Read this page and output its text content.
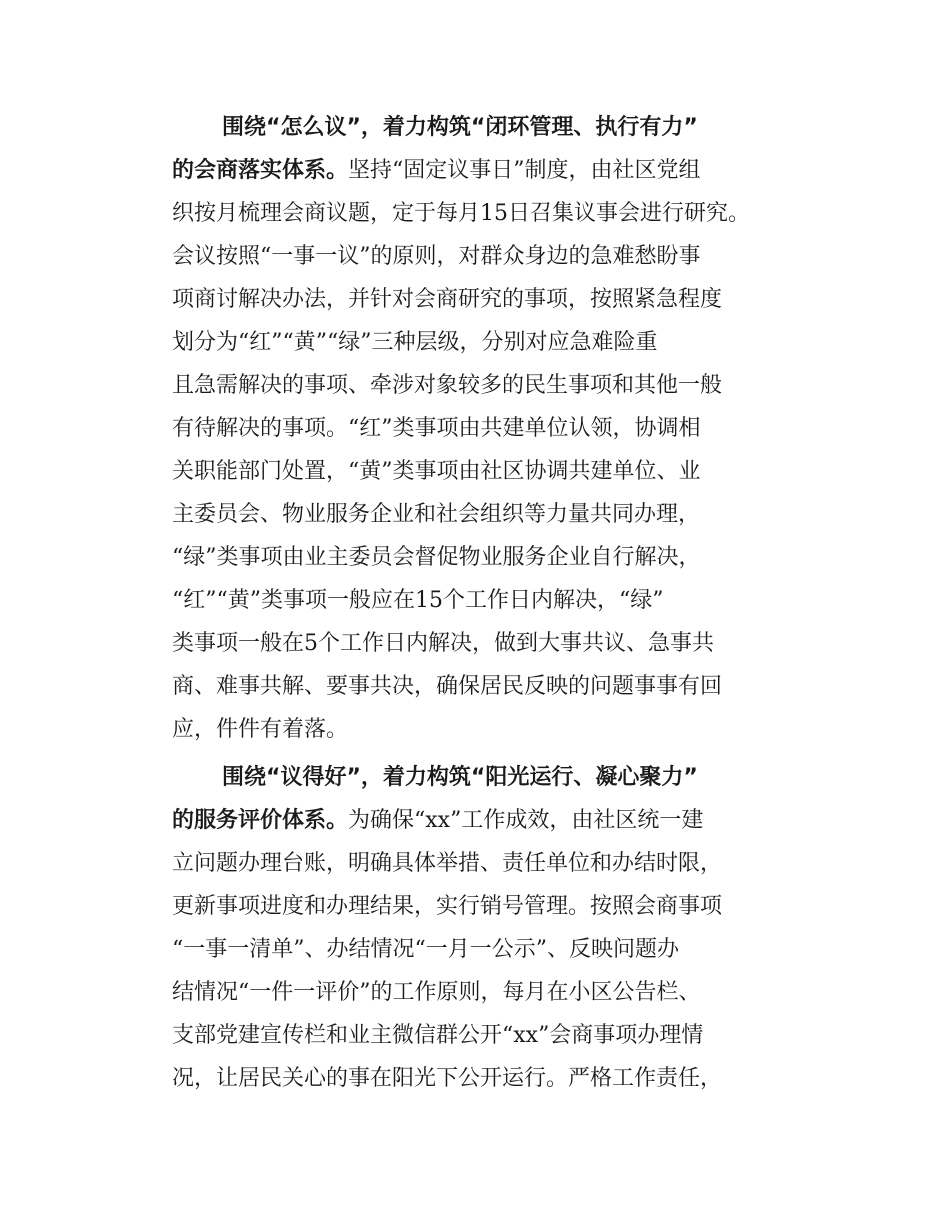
围绕“怎么议”，着力构筑“闭环管理、执行有力”
的会商落实体系。坚持“固定议事日”制度，由社区党组
织按月梳理会商议题，定于每月15日召集议事会进行研究。
会议按照“一事一议”的原则，对群众身边的急难愁盼事
项商讨解决办法，并针对会商研究的事项，按照紧急程度
划分为“红”“黄”“绿”三种层级，分别对应急难险重
且急需解决的事项、牵涉对象较多的民生事项和其他一般
有待解决的事项。“红”类事项由共建单位认领，协调相
关职能部门处置，“黄”类事项由社区协调共建单位、业
主委员会、物业服务企业和社会组织等力量共同办理，
“绿”类事项由业主委员会督促物业服务企业自行解决，
“红”“黄”类事项一般应在15个工作日内解决，“绿”
类事项一般在5个工作日内解决，做到大事共议、急事共
商、难事共解、要事共决，确保居民反映的问题事事有回
应，件件有着落。
围绕“议得好”，着力构筑“阳光运行、凝心聚力”
的服务评价体系。为确保“xx”工作成效，由社区统一建
立问题办理台账，明确具体举措、责任单位和办结时限，
更新事项进度和办理结果，实行销号管理。按照会商事项
“一事一清单”、办结情况“一月一公示”、反映问题办
结情况“一件一评价”的工作原则，每月在小区公告栏、
支部党建宣传栏和业主微信群公开“xx”会商事项办理情
况，让居民关心的事在阳光下公开运行。严格工作责任，
